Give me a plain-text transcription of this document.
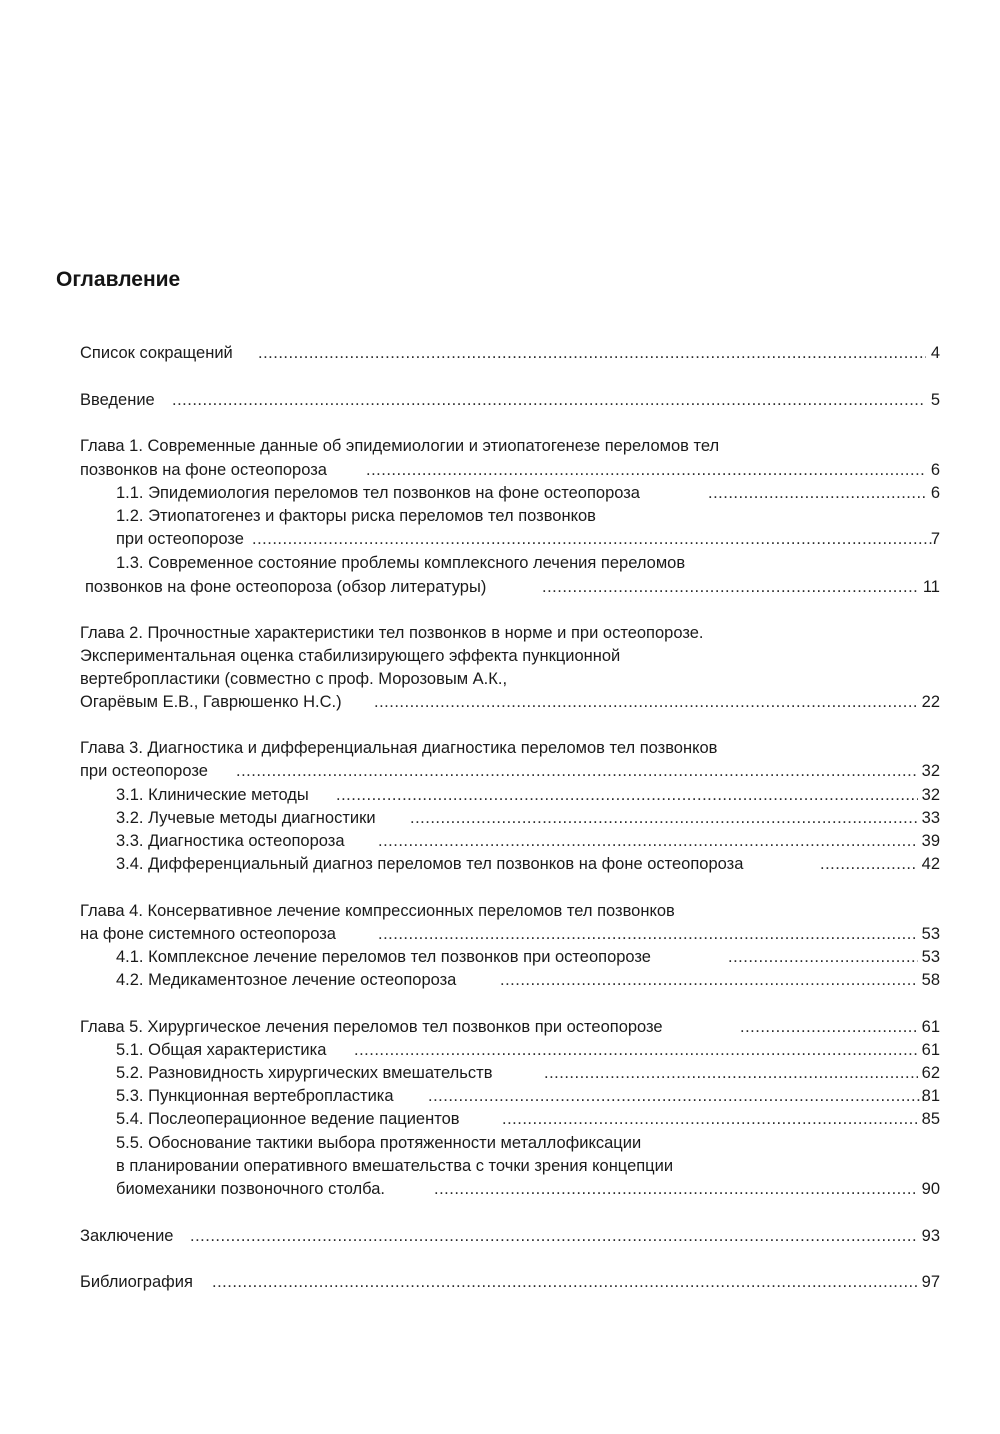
Оглавление
Список сокращений .....	4
Введение .....	5
Глава 1. Современные данные об эпидемиологии и этиопатогенезе переломов тел
позвонков на фоне остеопороза .....	6
1.1. Эпидемиология переломов тел позвонков на фоне остеопороза .....	6
1.2. Этиопатогенез и факторы риска переломов тел позвонков
при остеопорозе .....	7
1.3. Современное состояние проблемы комплексного лечения переломов
позвонков на фоне остеопороза (обзор литературы) .....	11
Глава 2. Прочностные характеристики тел позвонков в норме и при остеопорозе.
Экспериментальная оценка стабилизирующего эффекта пункционной
вертебропластики (совместно с проф. Морозовым А.К.,
Огарёвым Е.В., Гаврюшенко Н.С.) .....	22
Глава 3. Диагностика и дифференциальная диагностика переломов тел позвонков
при остеопорозе .....	32
3.1. Клинические методы .....	32
3.2. Лучевые методы диагностики .....	33
3.3. Диагностика остеопороза .....	39
3.4. Дифференциальный диагноз переломов тел позвонков на фоне остеопороза .....	42
Глава 4. Консервативное лечение компрессионных переломов тел позвонков
на фоне системного остеопороза .....	53
4.1. Комплексное лечение переломов тел позвонков при остеопорозе .....	53
4.2. Медикаментозное лечение остеопороза .....	58
Глава 5. Хирургическое лечения переломов тел позвонков при остеопорозе .....	61
5.1. Общая характеристика .....	61
5.2. Разновидность хирургических вмешательств .....	62
5.3. Пункционная вертебропластика .....	81
5.4. Послеоперационное ведение пациентов .....	85
5.5. Обоснование тактики выбора протяженности металлофиксации
в планировании оперативного вмешательства с точки зрения концепции
биомеханики позвоночного столба. .....	90
Заключение .....	93
Библиография .....	97
